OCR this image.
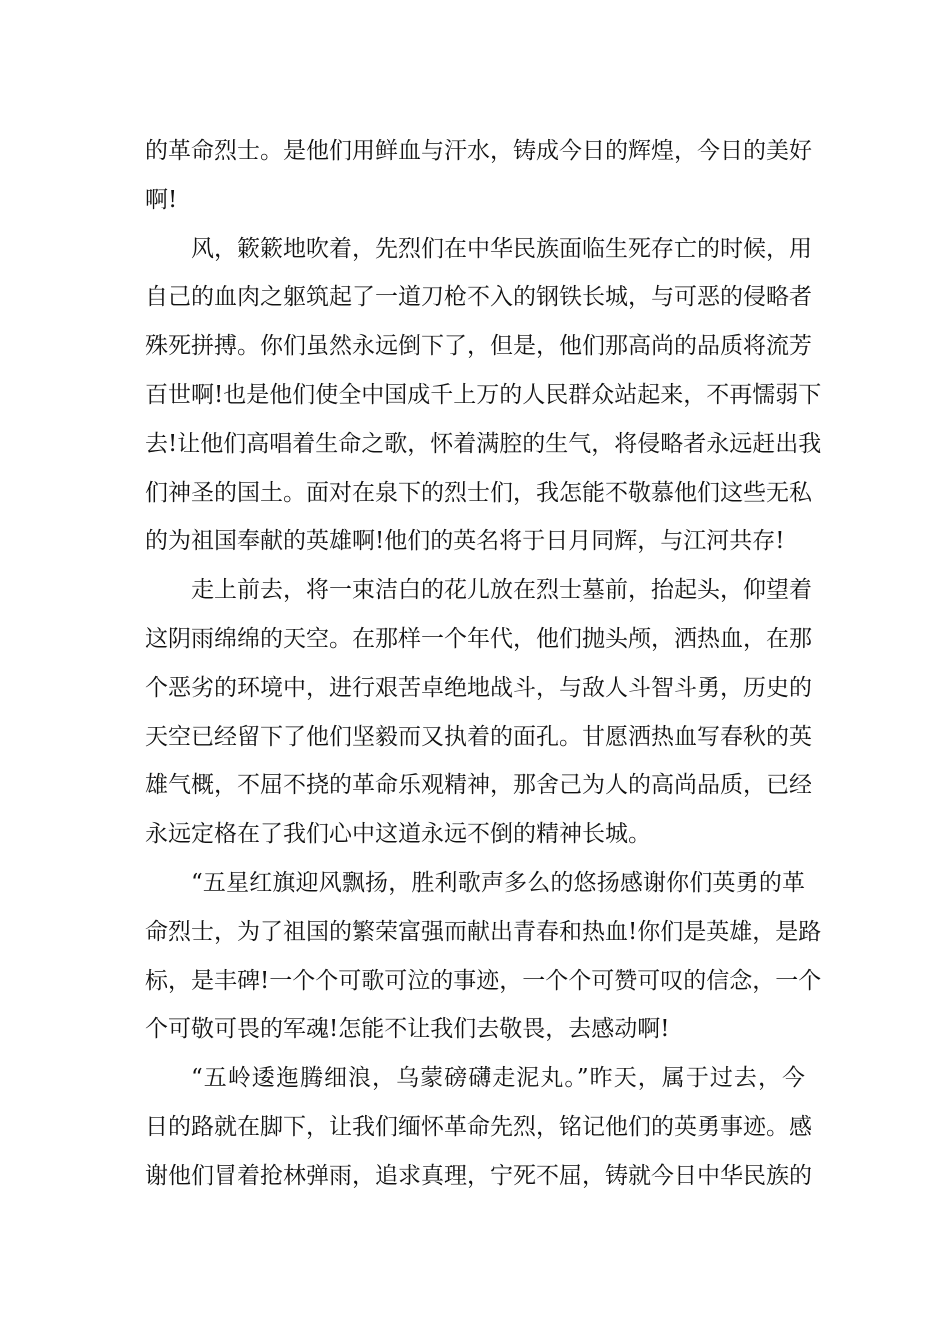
的革命烈士。是他们用鲜血与汗水，铸成今日的辉煌，今日的美好
啊!
风，簌簌地吹着，先烈们在中华民族面临生死存亡的时候，用
自己的血肉之躯筑起了一道刀枪不入的钢铁长城，与可恶的侵略者
殊死拼搏。你们虽然永远倒下了，但是，他们那高尚的品质将流芳
百世啊!也是他们使全中国成千上万的人民群众站起来，不再懦弱下
去!让他们高唱着生命之歌，怀着满腔的生气，将侵略者永远赶出我
们神圣的国土。面对在泉下的烈士们，我怎能不敬慕他们这些无私
的为祖国奉献的英雄啊!他们的英名将于日月同辉，与江河共存!
走上前去，将一束洁白的花儿放在烈士墓前，抬起头，仰望着
这阴雨绵绵的天空。在那样一个年代，他们抛头颅，洒热血，在那
个恶劣的环境中，进行艰苦卓绝地战斗，与敌人斗智斗勇，历史的
天空已经留下了他们坚毅而又执着的面孔。甘愿洒热血写春秋的英
雄气概，不屈不挠的革命乐观精神，那舍己为人的高尚品质，已经
永远定格在了我们心中这道永远不倒的精神长城。
“五星红旗迎风飘扬，胜利歌声多么的悠扬感谢你们英勇的革
命烈士，为了祖国的繁荣富强而献出青春和热血!你们是英雄，是路
标，是丰碑!一个个可歌可泣的事迹，一个个可赞可叹的信念，一个
个可敬可畏的军魂!怎能不让我们去敬畏，去感动啊!
“五岭逶迤腾细浪，乌蒙磅礴走泥丸。”昨天，属于过去，今
日的路就在脚下，让我们缅怀革命先烈，铭记他们的英勇事迹。感
谢他们冒着抢林弹雨，追求真理，宁死不屈，铸就今日中华民族的
